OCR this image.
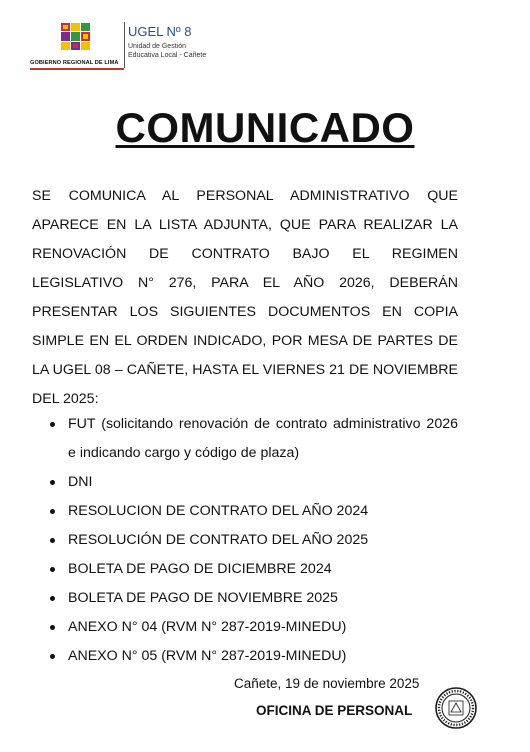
GOBIERNO REGIONAL DE LIMA
UGEL Nº 8
Unidad de Gestión
Educativa Local - Cañete
COMUNICADO
SE COMUNICA AL PERSONAL ADMINISTRATIVO QUE APARECE EN LA LISTA ADJUNTA, QUE PARA REALIZAR LA RENOVACIÓN DE CONTRATO BAJO EL REGIMEN LEGISLATIVO N° 276, PARA EL AÑO 2026, DEBERÁN PRESENTAR LOS SIGUIENTES DOCUMENTOS EN COPIA SIMPLE EN EL ORDEN INDICADO, POR MESA DE PARTES DE LA UGEL 08 – CAÑETE, HASTA EL VIERNES 21 DE NOVIEMBRE DEL 2025:
FUT (solicitando renovación de contrato administrativo 2026 e indicando cargo y código de plaza)
DNI
RESOLUCION DE CONTRATO DEL AÑO 2024
RESOLUCIÓN DE CONTRATO DEL AÑO 2025
BOLETA DE PAGO DE DICIEMBRE 2024
BOLETA DE PAGO DE NOVIEMBRE 2025
ANEXO N° 04 (RVM N° 287-2019-MINEDU)
ANEXO N° 05 (RVM N° 287-2019-MINEDU)
Cañete, 19 de noviembre 2025
OFICINA DE PERSONAL
